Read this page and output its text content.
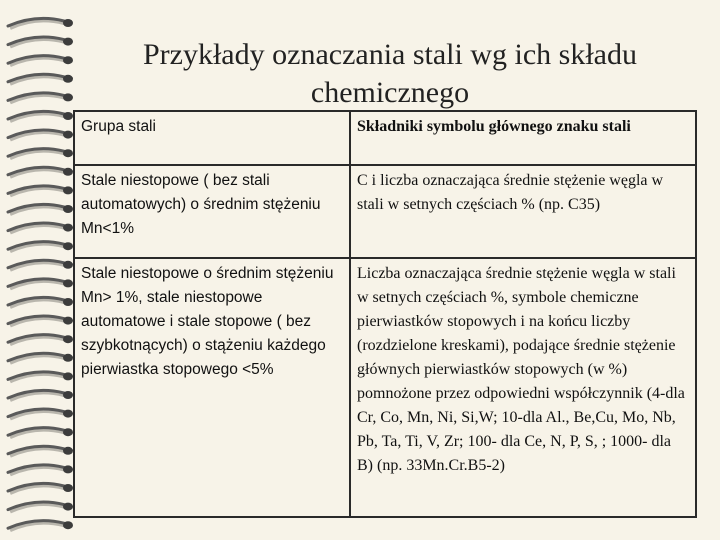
Przykłady oznaczania stali wg ich składu
chemicznego
Grupa stali	Składniki symbolu głównego znaku stali
Stale niestopowe ( bez stali automatowych) o średnim stężeniu Mn<1%	C i liczba oznaczająca średnie stężenie węgla w stali w setnych częściach % (np. C35)
Stale niestopowe o średnim stężeniu Mn> 1%, stale niestopowe automatowe i stale stopowe ( bez szybkotnących) o stążeniu każdego pierwiastka stopowego <5%	Liczba oznaczająca średnie stężenie węgla w stali w setnych częściach %, symbole chemiczne pierwiastków stopowych i na końcu liczby (rozdzielone kreskami), podające średnie stężenie głównych pierwiastków stopowych (w %) pomnożone przez odpowiedni współczynnik (4-dla Cr, Co, Mn, Ni, Si,W; 10-dla Al., Be,Cu, Mo, Nb, Pb, Ta, Ti, V, Zr; 100- dla Ce, N, P, S, ; 1000- dla B) (np. 33Mn.Cr.B5-2)
